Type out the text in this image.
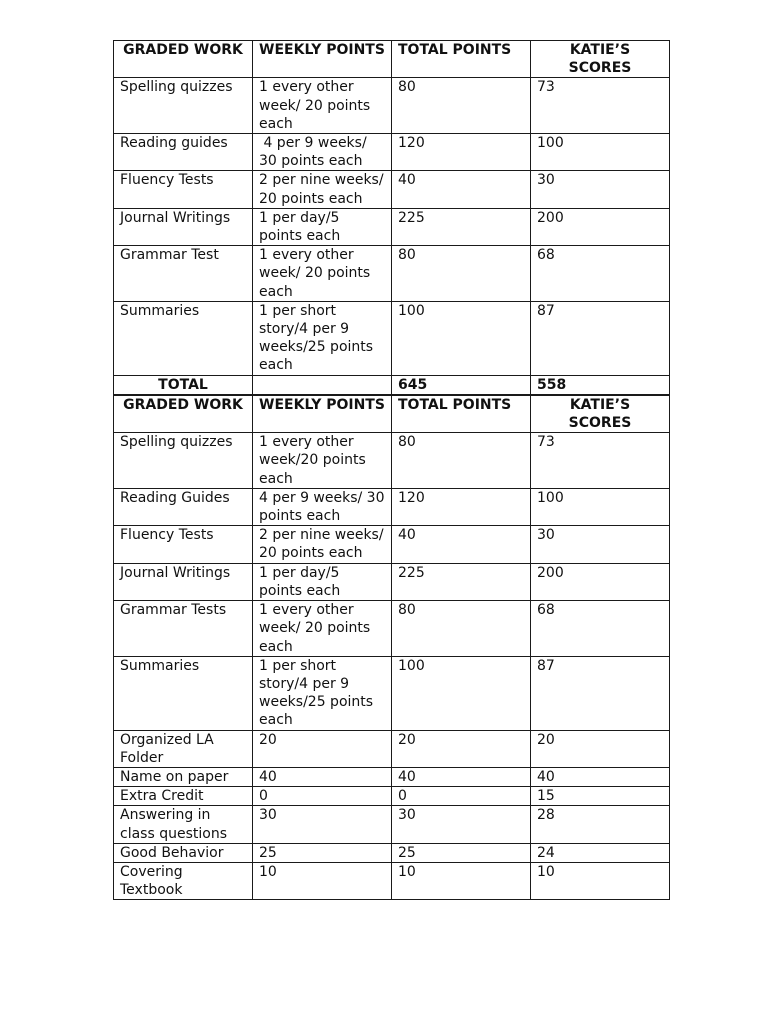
GRADED WORK	WEEKLY POINTS	TOTAL POINTS	KATIE’S SCORES
Spelling quizzes	1 every other week/ 20 points each	80	73
Reading guides	4 per 9 weeks/ 30 points each	120	100
Fluency Tests	2 per nine weeks/ 20 points each	40	30
Journal Writings	1 per day/5 points each	225	200
Grammar Test	1 every other week/ 20 points each	80	68
Summaries	1 per short story/4 per 9 weeks/25 points each	100	87
TOTAL		645	558
GRADED WORK	WEEKLY POINTS	TOTAL POINTS	KATIE’S SCORES
Spelling quizzes	1 every other week/20 points each	80	73
Reading Guides	4 per 9 weeks/ 30 points each	120	100
Fluency Tests	2 per nine weeks/ 20 points each	40	30
Journal Writings	1 per day/5 points each	225	200
Grammar Tests	1 every other week/ 20 points each	80	68
Summaries	1 per short story/4 per 9 weeks/25 points each	100	87
Organized LA Folder	20	20	20
Name on paper	40	40	40
Extra Credit	0	0	15
Answering in class questions	30	30	28
Good Behavior	25	25	24
Covering Textbook	10	10	10
